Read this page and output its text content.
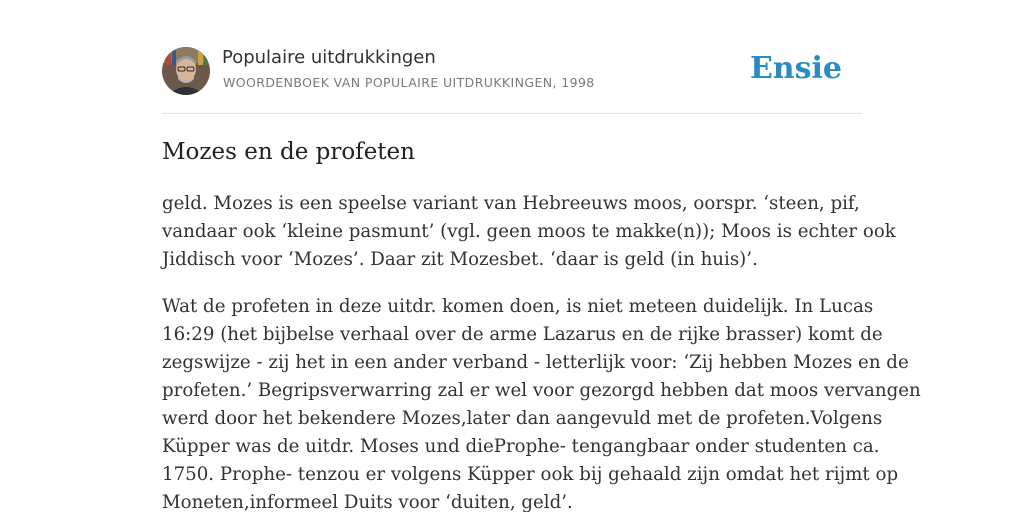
Populaire uitdrukkingen
WOORDENBOEK VAN POPULAIRE UITDRUKKINGEN, 1998	Ensie
Mozes en de profeten

geld. Mozes is een speelse variant van Hebreeuws moos, oorspr. ‘steen, pif,
vandaar ook ‘kleine pasmunt’ (vgl. geen moos te makke(n)); Moos is echter ook
Jiddisch voor ‘Mozes’. Daar zit Mozesbet. ‘daar is geld (in huis)’.

Wat de profeten in deze uitdr. komen doen, is niet meteen duidelijk. In Lucas
16:29 (het bijbelse verhaal over de arme Lazarus en de rijke brasser) komt de
zegswijze - zij het in een ander verband - letterlijk voor: ‘Zij hebben Mozes en de
profeten.’ Begripsverwarring zal er wel voor gezorgd hebben dat moos vervangen
werd door het bekendere Mozes,later dan aangevuld met de profeten.Volgens
Küpper was de uitdr. Moses und dieProphe- tengangbaar onder studenten ca.
1750. Prophe- tenzou er volgens Küpper ook bij gehaald zijn omdat het rijmt op
Moneten,informeel Duits voor ‘duiten, geld’.
